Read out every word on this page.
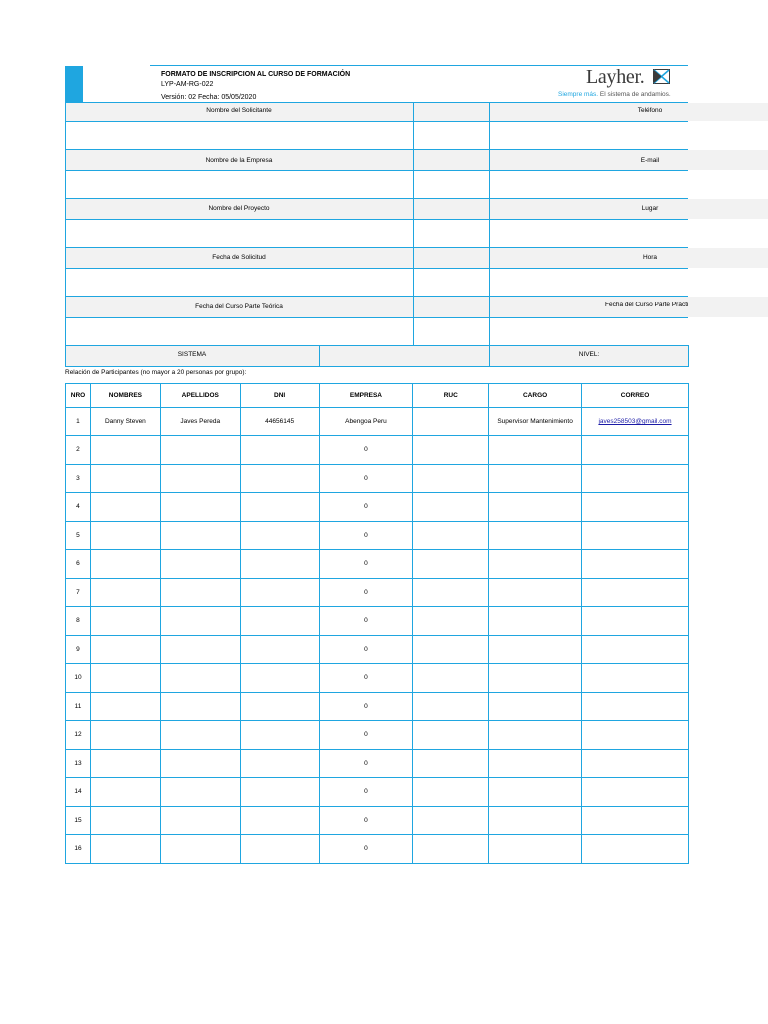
FORMATO DE INSCRIPCION AL CURSO DE FORMACIÓN
LYP-AM-RG-022
Versión: 02 Fecha: 05/05/2020
Layher.
Siempre más. El sistema de andamios.
Nombre del Solicitante	Teléfono
Nombre de la Empresa	E-mail
Nombre del Proyecto	Lugar
Fecha de Solicitud	Hora
Fecha del Curso Parte Teórica	Fecha del Curso Parte Prácti
SISTEMA	NIVEL:
Relación de Participantes (no mayor a 20 personas por grupo):
NRO	NOMBRES	APELLIDOS	DNI	EMPRESA	RUC	CARGO	CORREO
1	Danny Steven	Javes Pereda	44656145	Abengoa Peru		Supervisor Mantenimiento	javes258503@gmail.com
2				0			
3				0			
4				0			
5				0			
6				0			
7				0			
8				0			
9				0			
10				0			
11				0			
12				0			
13				0			
14				0			
15				0			
16				0			
